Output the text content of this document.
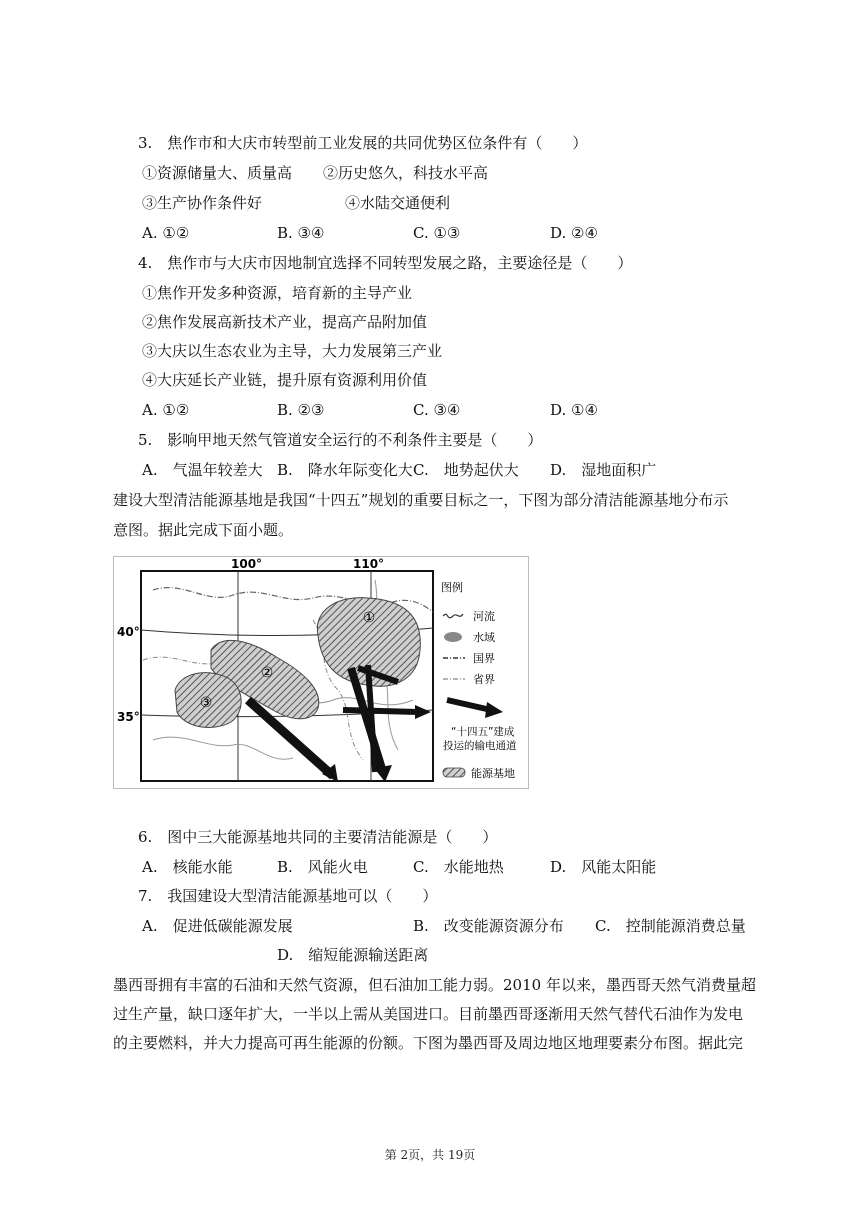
3.　焦作市和大庆市转型前工业发展的共同优势区位条件有（　　）
①资源储量大、质量高 ②历史悠久，科技水平高
③生产协作条件好	④水陆交通便利
A. ①②	B. ③④	C. ①③	D. ②④
4.　焦作市与大庆市因地制宜选择不同转型发展之路，主要途径是（　　）
①焦作开发多种资源，培育新的主导产业
②焦作发展高新技术产业，提高产品附加值
③大庆以生态农业为主导，大力发展第三产业
④大庆延长产业链，提升原有资源利用价值
A. ①②	B. ②③	C. ③④	D. ①④
5.　影响甲地天然气管道安全运行的不利条件主要是（　　）
A.　气温年较差大 B.　降水年际变化大 C.　地势起伏大 D.　湿地面积广
建设大型清洁能源基地是我国“十四五”规划的重要目标之一，下图为部分清洁能源基地分布示
意图。据此完成下面小题。
①
②
③
100°	110°
40°
35°
图例
河流
水域
国界
省界
“十四五”建成
投运的输电通道
能源基地
6.　图中三大能源基地共同的主要清洁能源是（　　）
A.　核能水能	B.　风能火电	C.　水能地热	D.　风能太阳能
7.　我国建设大型清洁能源基地可以（　　）
A.　促进低碳能源发展	B.　改变能源资源分布 C.　控制能源消费总量
D.　缩短能源输送距离
墨西哥拥有丰富的石油和天然气资源，但石油加工能力弱。2010 年以来，墨西哥天然气消费量超
过生产量，缺口逐年扩大，一半以上需从美国进口。目前墨西哥逐渐用天然气替代石油作为发电
的主要燃料，并大力提高可再生能源的份额。下图为墨西哥及周边地区地理要素分布图。据此完
第 2页，共 19页
